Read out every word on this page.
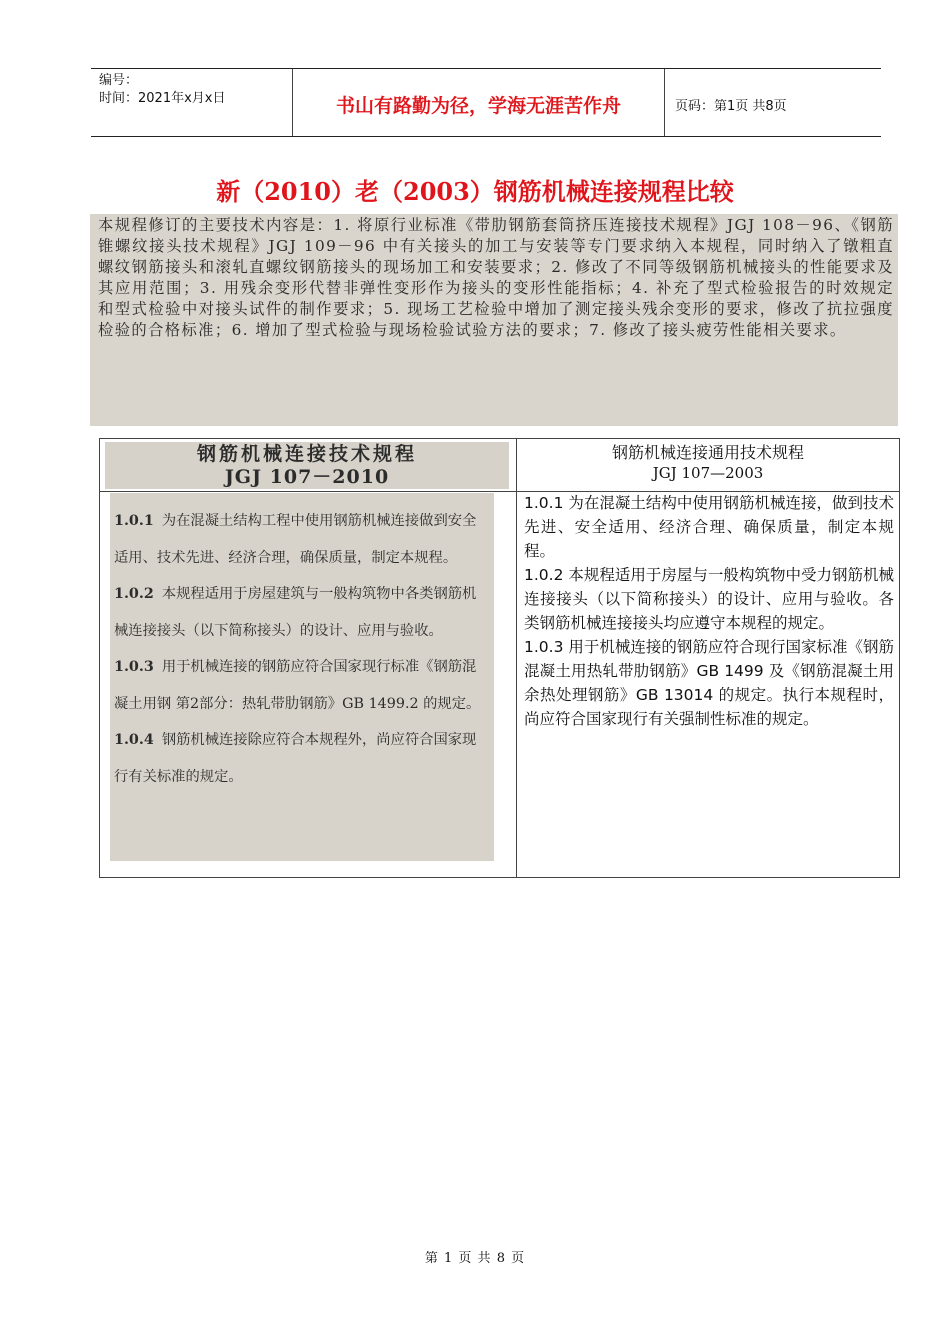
编号：
时间：2021年x月x日	书山有路勤为径，学海无涯苦作舟	页码：第1页 共8页
新（2010）老（2003）钢筋机械连接规程比较
本规程修订的主要技术内容是：1. 将原行业标准《带肋钢筋套筒挤压连接技术规程》JGJ 108－96、《钢筋锥螺纹接头技术规程》JGJ 109－96 中有关接头的加工与安装等专门要求纳入本规程，同时纳入了镦粗直螺纹钢筋接头和滚轧直螺纹钢筋接头的现场加工和安装要求；2. 修改了不同等级钢筋机械接头的性能要求及其应用范围；3. 用残余变形代替非弹性变形作为接头的变形性能指标；4. 补充了型式检验报告的时效规定和型式检验中对接头试件的制作要求；5. 现场工艺检验中增加了测定接头残余变形的要求，修改了抗拉强度检验的合格标准；6. 增加了型式检验与现场检验试验方法的要求；7. 修改了接头疲劳性能相关要求。
钢筋机械连接技术规程
JGJ 107－2010
钢筋机械连接通用技术规程
JGJ 107—2003

1.0.1 为在混凝土结构工程中使用钢筋机械连接做到安全适用、技术先进、经济合理，确保质量，制定本规程。

1.0.2 本规程适用于房屋建筑与一般构筑物中各类钢筋机械连接接头（以下简称接头）的设计、应用与验收。

1.0.3 用于机械连接的钢筋应符合国家现行标准《钢筋混凝土用钢 第2部分：热轧带肋钢筋》GB 1499.2 的规定。

1.0.4 钢筋机械连接除应符合本规程外，尚应符合国家现行有关标准的规定。

1.0.1 为在混凝土结构中使用钢筋机械连接，做到技术先进、安全适用、经济合理、确保质量，制定本规程。

1.0.2 本规程适用于房屋与一般构筑物中受力钢筋机械连接接头（以下简称接头）的设计、应用与验收。各类钢筋机械连接接头均应遵守本规程的规定。

1.0.3 用于机械连接的钢筋应符合现行国家标准《钢筋混凝土用热轧带肋钢筋》GB 1499 及《钢筋混凝土用余热处理钢筋》GB 13014 的规定。执行本规程时，尚应符合国家现行有关强制性标准的规定。

第 1 页 共 8 页
